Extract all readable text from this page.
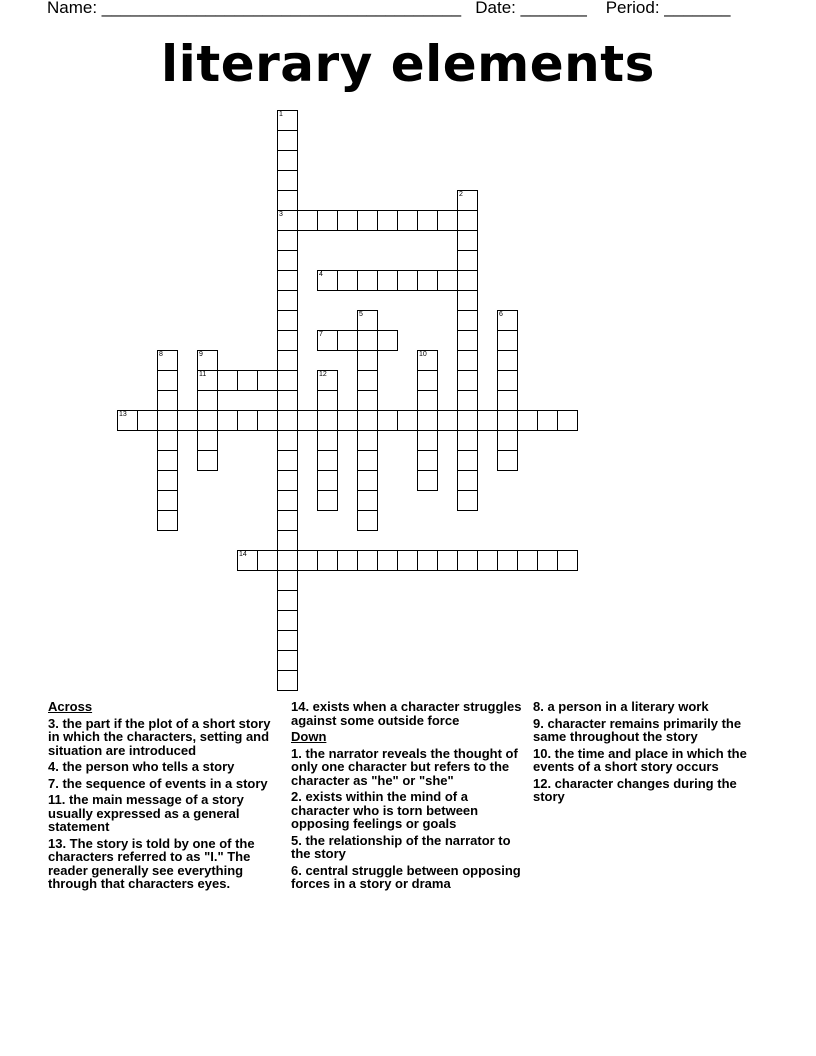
Name: ______________________________________ Date: _______ Period: _______
literary elements
1
3
2
5	6
8	9
11
10
12
4
7
13
14
Across
3. the part if the plot of a short story in which the characters, setting and situation are introduced
4. the person who tells a story
7. the sequence of events in a story
11. the main message of a story usually expressed as a general statement
13. The story is told by one of the characters referred to as "I." The reader generally see everything through that characters eyes.
14. exists when a character struggles against some outside force
Down
1. the narrator reveals the thought of only one character but refers to the character as "he" or "she"
2. exists within the mind of a character who is torn between opposing feelings or goals
5. the relationship of the narrator to the story
6. central struggle between opposing forces in a story or drama
8. a person in a literary work
9. character remains primarily the same throughout the story
10. the time and place in which the events of a short story occurs
12. character changes during the story
